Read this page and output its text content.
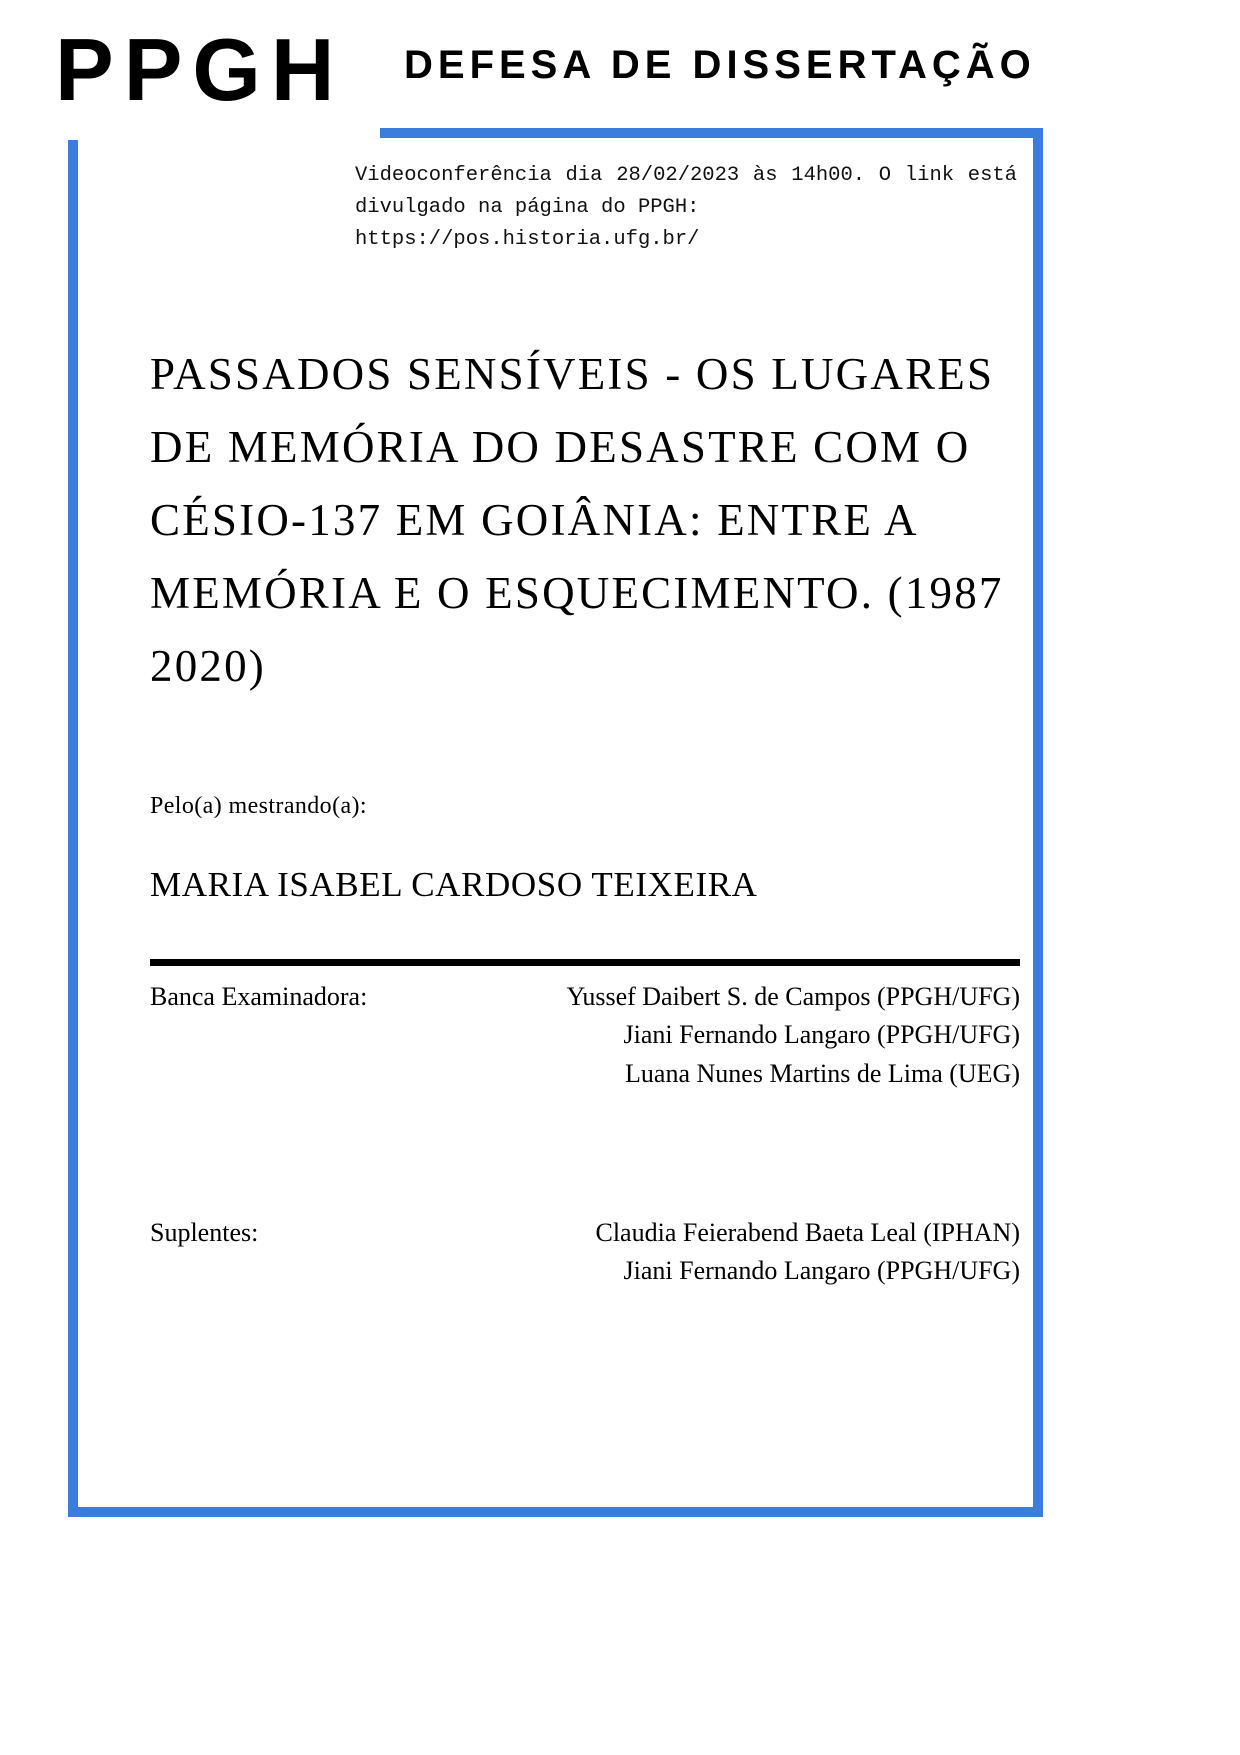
PPGH DEFESA DE DISSERTAÇÃO
Videoconferência dia 28/02/2023 às 14h00. O link está divulgado na página do PPGH:
https://pos.historia.ufg.br/
PASSADOS SENSÍVEIS - OS LUGARES DE MEMÓRIA DO DESASTRE COM O CÉSIO-137 EM GOIÂNIA: ENTRE A MEMÓRIA E O ESQUECIMENTO. (1987 2020)
Pelo(a) mestrando(a):
MARIA ISABEL CARDOSO TEIXEIRA
Banca Examinadora:	Yussef Daibert S. de Campos (PPGH/UFG)
Jiani Fernando Langaro (PPGH/UFG)
Luana Nunes Martins de Lima (UEG)
Suplentes:	Claudia Feierabend Baeta Leal (IPHAN)
Jiani Fernando Langaro (PPGH/UFG)
